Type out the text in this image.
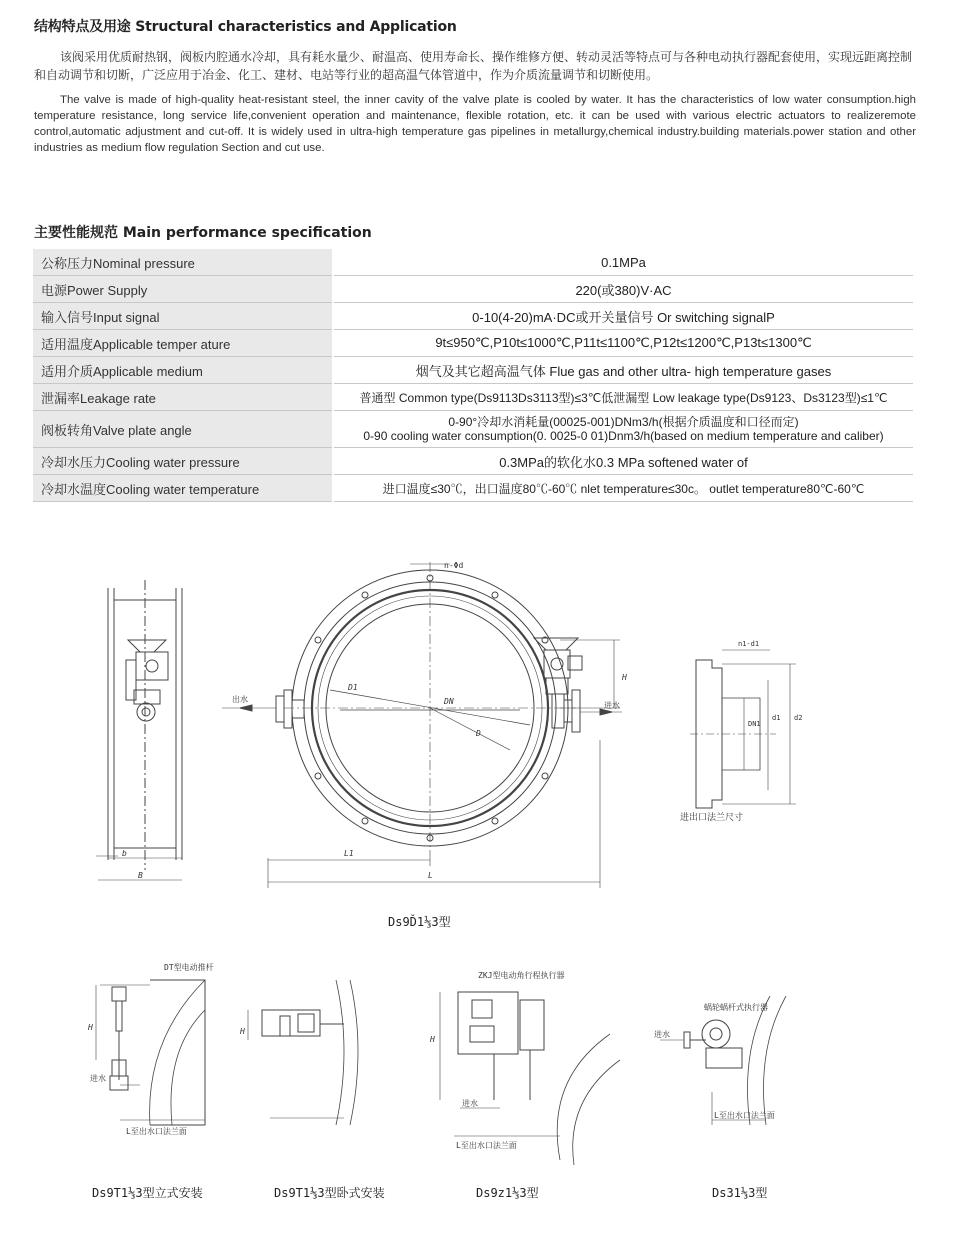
结构特点及用途 Structural characteristics and Application
该阀采用优质耐热钢，阀板内腔通水冷却，具有耗水量少、耐温高、使用寿命长、操作维修方便、转动灵活等特点可与各种电动执行器配套使用，实现远距离控制和自动调节和切断，广泛应用于冶金、化工、建材、电站等行业的超高温气体管道中，作为介质流量调节和切断使用。
The valve is made of high-quality heat-resistant steel, the inner cavity of the valve plate is cooled by water. It has the characteristics of low water consumption.high temperature resistance, long service life,convenient operation and maintenance, flexible rotation, etc. it can be used with various electric actuators to realizeremote control,automatic adjustment and cut-off. It is widely used in ultra-high temperature gas pipelines in metallurgy,chemical industry.building materials.power station and other industries as medium flow regulation Section and cut use.
主要性能规范 Main performance specification
公称压力Nominal pressure	0.1MPa
电源Power Supply	220(或380)V·AC
输入信号Input signal	0-10(4-20)mA·DC或开关量信号 Or switching signalP
适用温度Applicable temper ature	9t≤950℃,P10t≤1000℃,P11t≤1100℃,P12t≤1200℃,P13t≤1300℃
适用介质Applicable medium	烟气及其它超高温气体 Flue gas and other ultra- high temperature gases
泄漏率Leakage rate	普通型 Common type(Ds9113Ds3113型)≤3℃低泄漏型 Low leakage type(Ds9123、Ds3123型)≤1℃
阀板转角Valve plate angle	0-90°冷却水消耗量(00025-001)DNm3/h(根据介质温度和口径而定)
0-90 cooling water consumption(0. 0025-0 01)Dnm3/h(based on medium temperature and caliber)

冷却水压力Cooling water pressure	0.3MPa的软化水0.3 MPa softened water of
冷却水温度Cooling water temperature	进口温度≤30℃，出口温度80℃-60℃ nlet temperature≤30c。 outlet temperature80℃-60℃
b
B
n-Φd
出水
D1
DN
D
进水
H
L1
L
n1-d1
DN1
d1 d2
进出口法兰尺寸
DT型电动推杆
H
进水
L至出水口法兰面
H
ZKJ型电动角行程执行器
H
进水
L至出水口法兰面
蜗轮蜗杆式执行器
进水
L至出水口法兰面
Ds9Ď1⅓3型
Ds9T1⅓3型立式安装	Ds9T1⅓3型卧式安装	Ds9z1⅓3型	Ds31⅓3型
